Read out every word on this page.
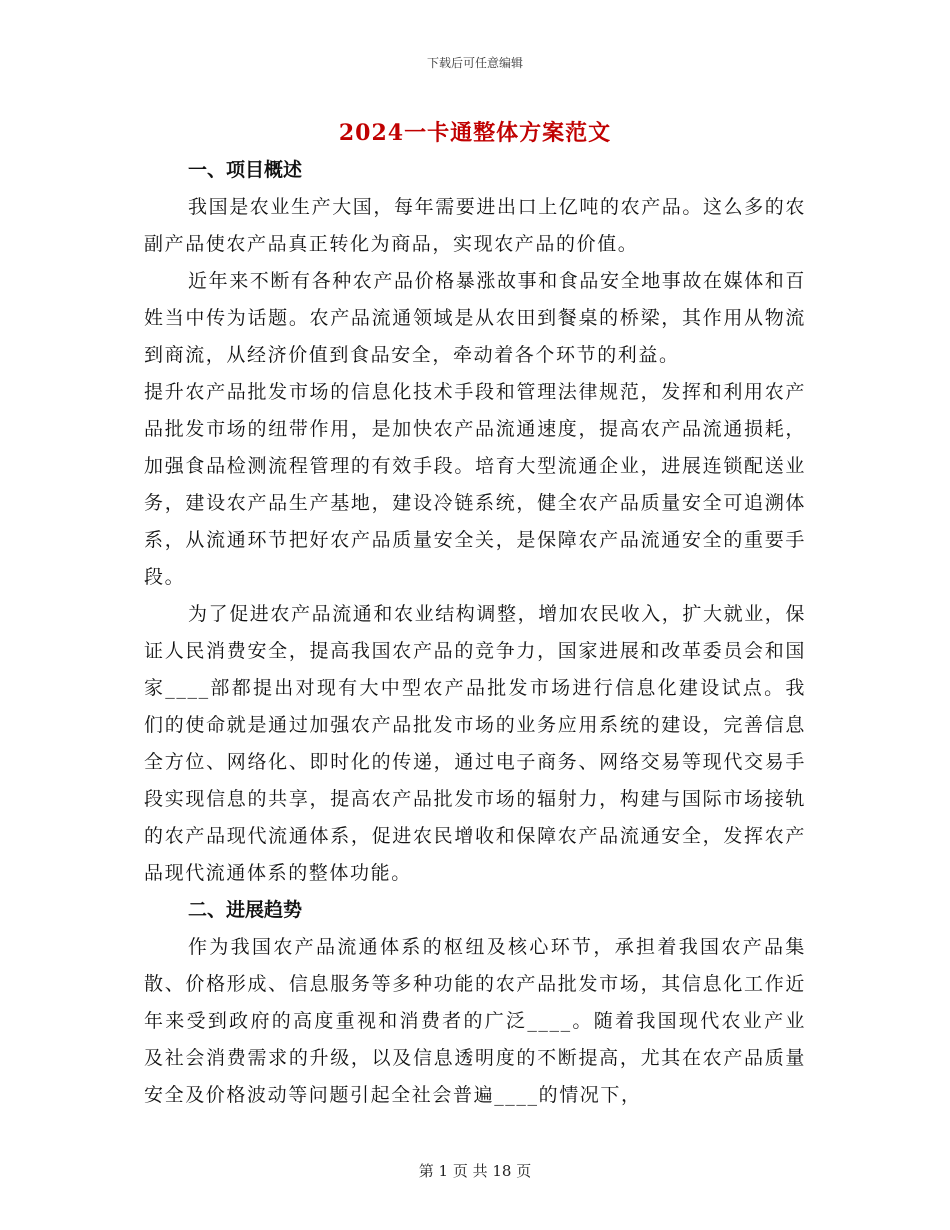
下载后可任意编辑
2024一卡通整体方案范文
一、项目概述

我国是农业生产大国，每年需要进出口上亿吨的农产品。这么多的农副产品使农产品真正转化为商品，实现农产品的价值。

近年来不断有各种农产品价格暴涨故事和食品安全地事故在媒体和百姓当中传为话题。农产品流通领域是从农田到餐桌的桥梁，其作用从物流到商流，从经济价值到食品安全，牵动着各个环节的利益。

提升农产品批发市场的信息化技术手段和管理法律规范，发挥和利用农产品批发市场的纽带作用，是加快农产品流通速度，提高农产品流通损耗，加强食品检测流程管理的有效手段。培育大型流通企业，进展连锁配送业务，建设农产品生产基地，建设冷链系统，健全农产品质量安全可追溯体系，从流通环节把好农产品质量安全关，是保障农产品流通安全的重要手段。

为了促进农产品流通和农业结构调整，增加农民收入，扩大就业，保证人民消费安全，提高我国农产品的竞争力，国家进展和改革委员会和国家____部都提出对现有大中型农产品批发市场进行信息化建设试点。我们的使命就是通过加强农产品批发市场的业务应用系统的建设，完善信息全方位、网络化、即时化的传递，通过电子商务、网络交易等现代交易手段实现信息的共享，提高农产品批发市场的辐射力，构建与国际市场接轨的农产品现代流通体系，促进农民增收和保障农产品流通安全，发挥农产品现代流通体系的整体功能。

二、进展趋势

作为我国农产品流通体系的枢纽及核心环节，承担着我国农产品集散、价格形成、信息服务等多种功能的农产品批发市场，其信息化工作近年来受到政府的高度重视和消费者的广泛____。随着我国现代农业产业及社会消费需求的升级，以及信息透明度的不断提高，尤其在农产品质量安全及价格波动等问题引起全社会普遍____的情况下，

第 1 页 共 18 页
